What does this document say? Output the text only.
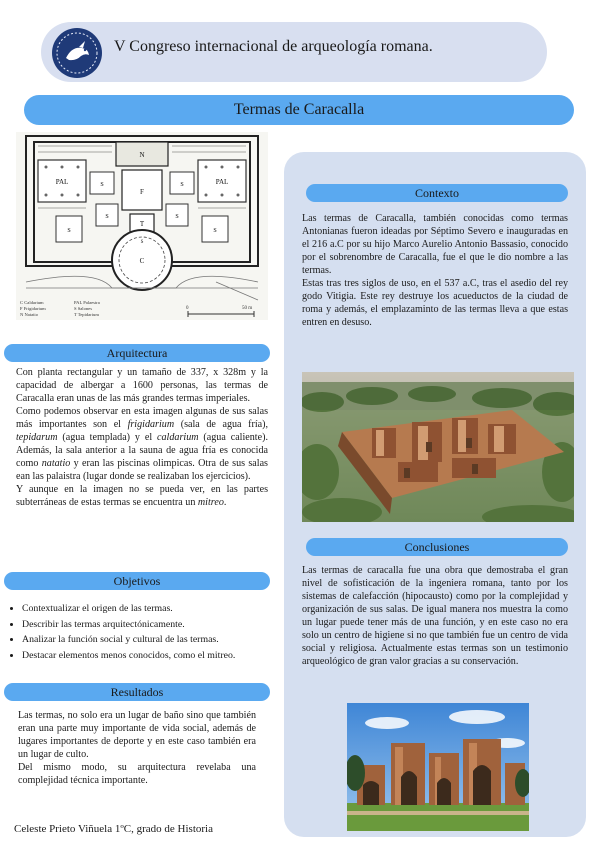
V Congreso internacional de arqueología romana.
Termas de Caracalla
N
F
T
C
PAL	PAL
S	S
S	S
S	S
S
C Caldarium
F Frigidarium
N Natatio
PAL Palaestra
S Salones
T Tepidarium
0	50 m
Arquitectura
Con planta rectangular y un tamaño de 337, x 328m y la capacidad de albergar a 1600 personas, las termas de Caracalla eran unas de las más grandes termas imperiales.
Como podemos observar en esta imagen algunas de sus salas más importantes son el frigidarium (sala de agua fría), tepidarum (agua templada) y el caldarium (agua caliente). Además, la sala anterior a la sauna de agua fría es conocida como natatio y eran las piscinas olimpicas. Otra de sus salas ean las palaistra (lugar donde se realizaban los ejercicios).
Y aunque en la imagen no se pueda ver, en las partes subterráneas de estas termas se encuentra un mitreo.
Objetivos
• Contextualizar el origen de las termas.
• Describir las termas arquitectónicamente.
• Analizar la función social y cultural de las termas.
• Destacar elementos menos conocidos, como el mitreo.
Resultados
Las termas, no solo era un lugar de baño sino que también eran una parte muy importante de vida social, además de lugares importantes de deporte y en este caso también era un lugar de culto.
Del mismo modo, su arquitectura revelaba una complejidad técnica importante.
Celeste Prieto Viñuela 1ºC, grado de Historia
Contexto
Las termas de Caracalla, también conocidas como termas Antonianas fueron ideadas por Séptimo Severo e inauguradas en el 216 a.C por su hijo Marco Aurelio Antonio Bassasio, conocido por el sobrenombre de Caracalla, fue el que le dio nombre a las termas.
Estas tras tres siglos de uso, en el 537 a.C, tras el asedio del rey godo Vitigia. Este rey destruye los acueductos de la ciudad de roma y además, el emplazaminto de las termas lleva a que estas entren en desuso.
Conclusiones
Las termas de caracalla fue una obra que demostraba el gran nivel de sofisticación de la ingeniera romana, tanto por los sistemas de calefacción (hipocausto) como por la complejidad y organización de sus salas. De igual manera nos muestra la como un lugar puede tener más de una función, y en este caso no era solo un centro de higiene si no que también fue un centro de vida social y religiosa. Actualmente estas termas son un testimonio arqueológico de gran valor gracias a su conservación.
